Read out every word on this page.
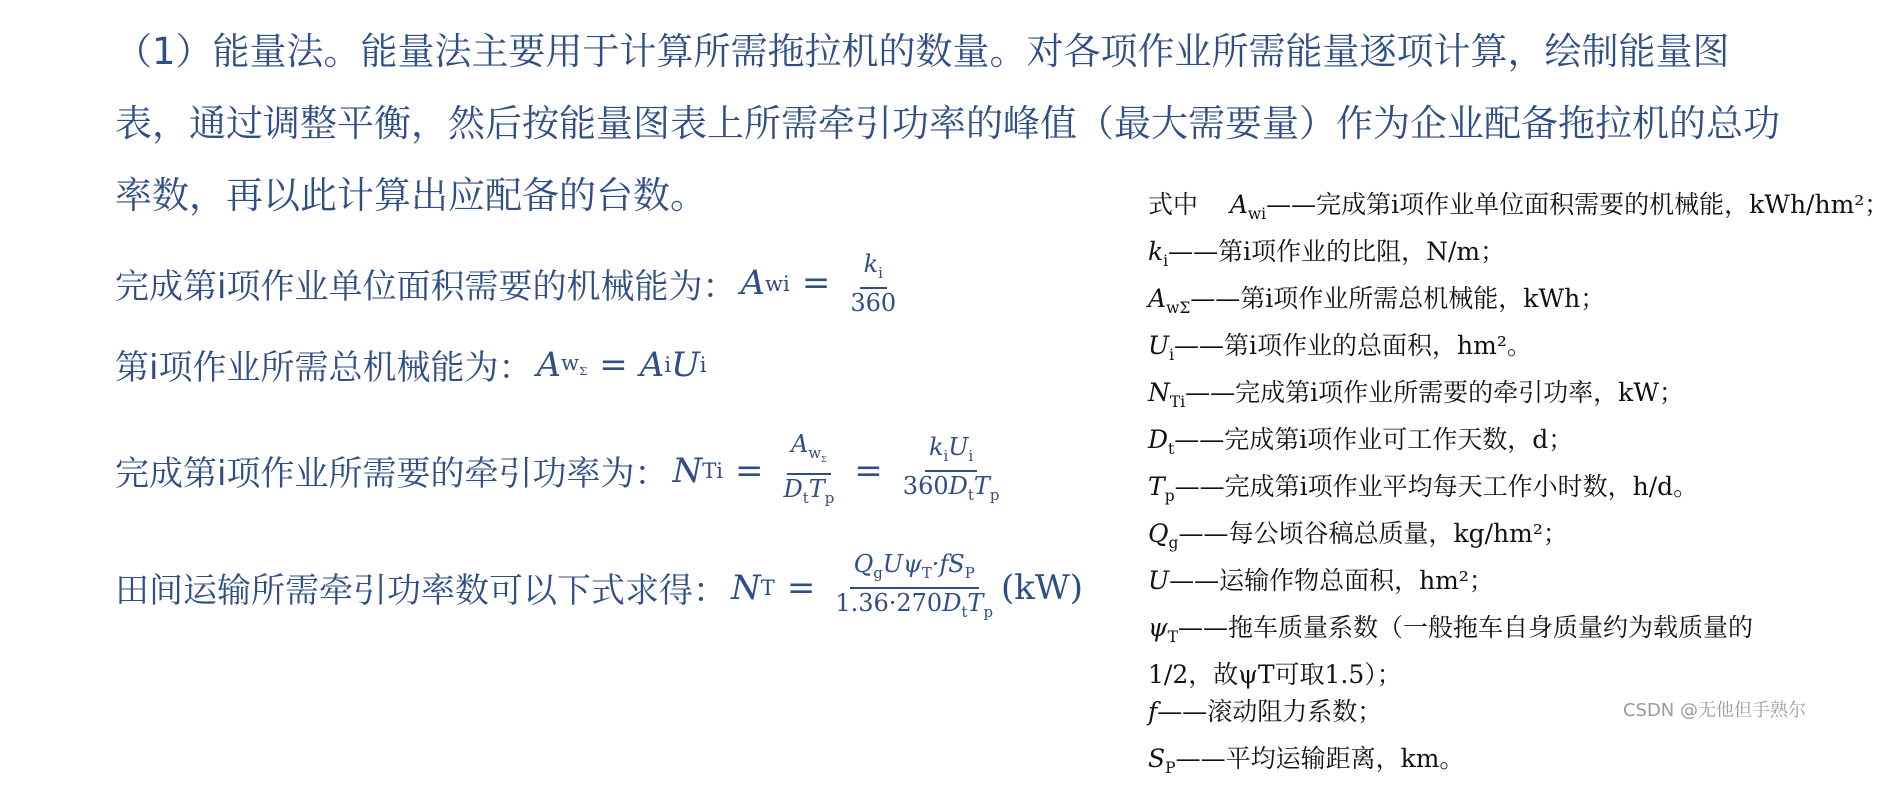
（1）能量法。能量法主要用于计算所需拖拉机的数量。对各项作业所需能量逐项计算，绘制能量图表，通过调整平衡，然后按能量图表上所需牵引功率的峰值（最大需要量）作为企业配备拖拉机的总功率数，再以此计算出应配备的台数。

完成第i项作业单位面积需要的机械能为： A wi = $\frac{k_i}{360}$
第i项作业所需总机械能为： A $w_\Sigma = A$ i U i
完成第i项作业所需要的牵引功率为： N $Ti = \frac{A_{w_\Sigma}}{D_tT_p} = \frac{k_iU_i}{360D_tT_p}$
田间运输所需牵引功率数可以下式求得： N $T = \frac{Q_gU\psi_T\cdot fS_P}{1.36\cdot 270D_tT_p} (kW)$
式中 $A_{wi}——$完成第i项作业单位面积需要的机械能，kWh/hm²；
$k_i——$第i项作业的比阻，N/m；
$A_{w\Sigma}——$第i项作业所需总机械能，kWh；
$U_i——$第i项作业的总面积，hm²。
$N_{Ti}——$完成第i项作业所需要的牵引功率，kW；
$D_t——$完成第i项作业可工作天数，d；
$T_p——$完成第i项作业平均每天工作小时数，h/d。
$Q_g——$每公顷谷稿总质量，kg/hm²；
U——运输作物总面积，hm²；
$\psi_T——$拖车质量系数（一般拖车自身质量约为载质量的1/2，故ψT可取1.5）；
f——滚动阻力系数；
$S_P——$平均运输距离，km。
CSDN @无他但手熟尔
